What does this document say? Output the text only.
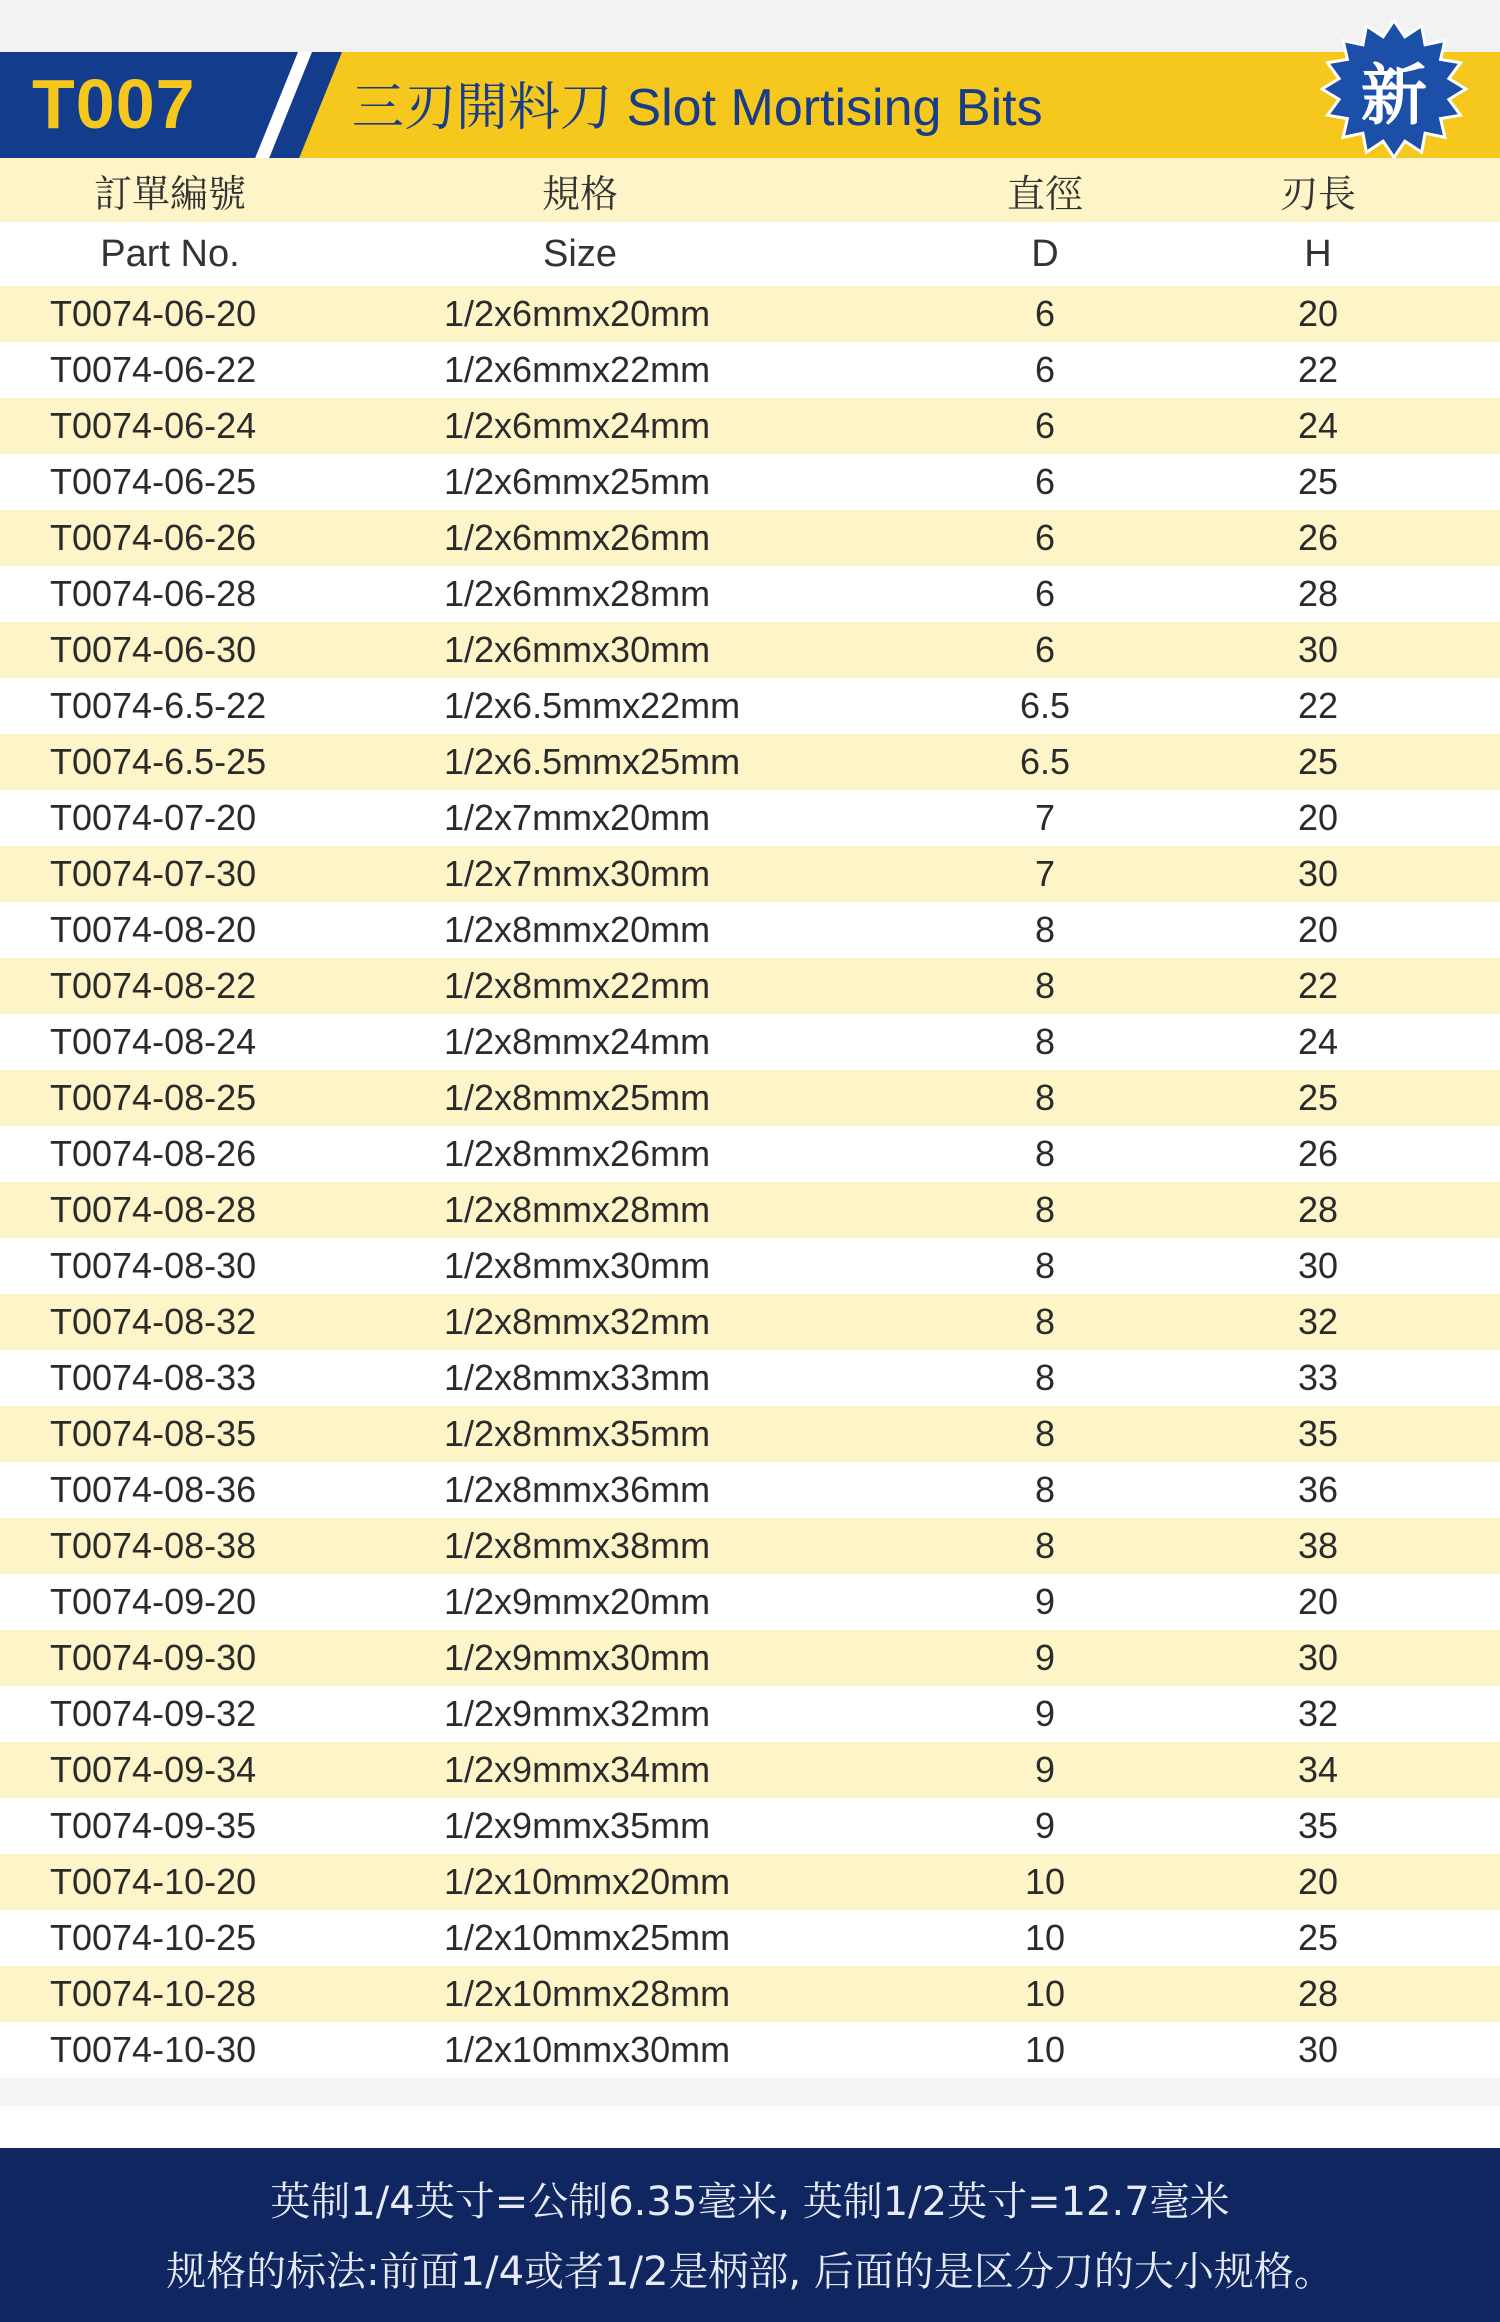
T007	三刃開料刀 Slot Mortising Bits	新
訂單編號	規格	直徑	刃長
Part No.	Size	D	H
T0074-06-20	1/2x6mmx20mm	6	20
T0074-06-22	1/2x6mmx22mm	6	22
T0074-06-24	1/2x6mmx24mm	6	24
T0074-06-25	1/2x6mmx25mm	6	25
T0074-06-26	1/2x6mmx26mm	6	26
T0074-06-28	1/2x6mmx28mm	6	28
T0074-06-30	1/2x6mmx30mm	6	30
T0074-6.5-22	1/2x6.5mmx22mm	6.5	22
T0074-6.5-25	1/2x6.5mmx25mm	6.5	25
T0074-07-20	1/2x7mmx20mm	7	20
T0074-07-30	1/2x7mmx30mm	7	30
T0074-08-20	1/2x8mmx20mm	8	20
T0074-08-22	1/2x8mmx22mm	8	22
T0074-08-24	1/2x8mmx24mm	8	24
T0074-08-25	1/2x8mmx25mm	8	25
T0074-08-26	1/2x8mmx26mm	8	26
T0074-08-28	1/2x8mmx28mm	8	28
T0074-08-30	1/2x8mmx30mm	8	30
T0074-08-32	1/2x8mmx32mm	8	32
T0074-08-33	1/2x8mmx33mm	8	33
T0074-08-35	1/2x8mmx35mm	8	35
T0074-08-36	1/2x8mmx36mm	8	36
T0074-08-38	1/2x8mmx38mm	8	38
T0074-09-20	1/2x9mmx20mm	9	20
T0074-09-30	1/2x9mmx30mm	9	30
T0074-09-32	1/2x9mmx32mm	9	32
T0074-09-34	1/2x9mmx34mm	9	34
T0074-09-35	1/2x9mmx35mm	9	35
T0074-10-20	1/2x10mmx20mm	10	20
T0074-10-25	1/2x10mmx25mm	10	25
T0074-10-28	1/2x10mmx28mm	10	28
T0074-10-30	1/2x10mmx30mm	10	30
英制1/4英寸=公制6.35毫米, 英制1/2英寸=12.7毫米
规格的标法:前面1/4或者1/2是柄部, 后面的是区分刀的大小规格。
